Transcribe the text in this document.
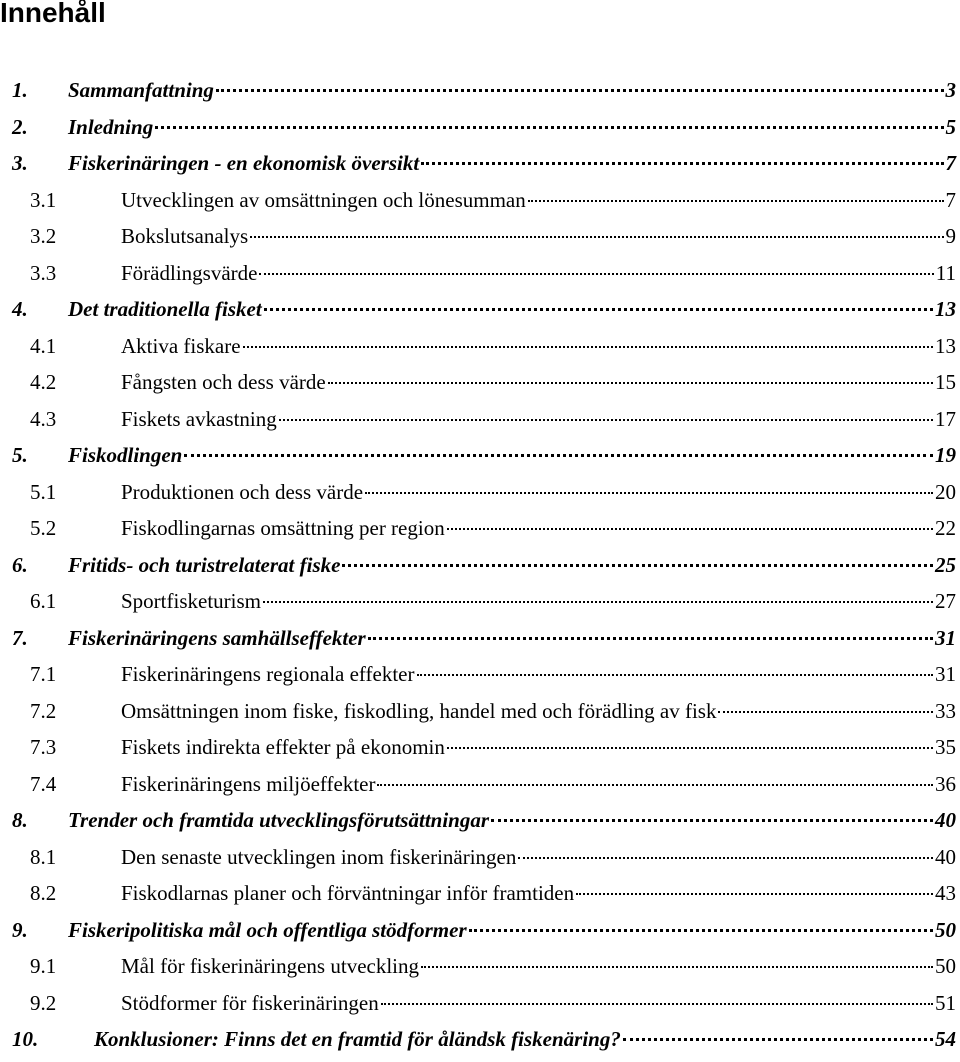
Innehåll
1.	Sammanfattning	3
2.	Inledning	5
3.	Fiskerinäringen - en ekonomisk översikt	7
3.1	Utvecklingen av omsättningen och lönesumman	7
3.2	Bokslutsanalys	9
3.3	Förädlingsvärde	11
4.	Det traditionella fisket	13
4.1	Aktiva fiskare	13
4.2	Fångsten och dess värde	15
4.3	Fiskets avkastning	17
5.	Fiskodlingen	19
5.1	Produktionen och dess värde	20
5.2	Fiskodlingarnas omsättning per region	22
6.	Fritids- och turistrelaterat fiske	25
6.1	Sportfisketurism	27
7.	Fiskerinäringens samhällseffekter	31
7.1	Fiskerinäringens regionala effekter	31
7.2	Omsättningen inom fiske, fiskodling, handel med och förädling av fisk	33
7.3	Fiskets indirekta effekter på ekonomin	35
7.4	Fiskerinäringens miljöeffekter	36
8.	Trender och framtida utvecklingsförutsättningar	40
8.1	Den senaste utvecklingen inom fiskerinäringen	40
8.2	Fiskodlarnas planer och förväntningar inför framtiden	43
9.	Fiskeripolitiska mål och offentliga stödformer	50
9.1	Mål för fiskerinäringens utveckling	50
9.2	Stödformer för fiskerinäringen	51
10.	Konklusioner: Finns det en framtid för åländsk fiskenäring?	54
